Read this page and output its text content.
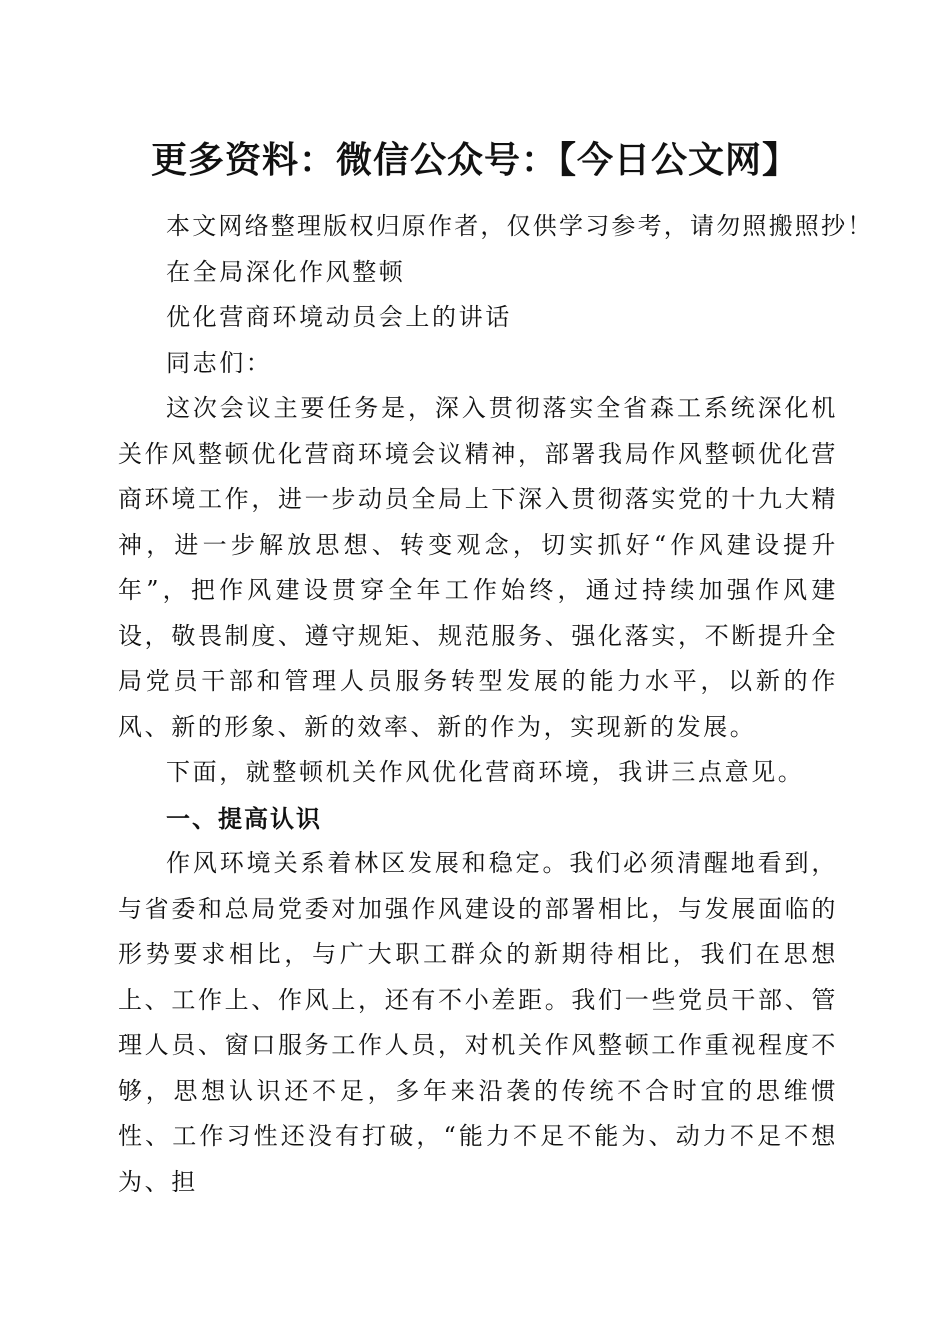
更多资料：微信公众号：【今日公文网】

本文网络整理版权归原作者，仅供学习参考，请勿照搬照抄！

在全局深化作风整顿

优化营商环境动员会上的讲话

同志们：

这次会议主要任务是，深入贯彻落实全省森工系统深化机关作风整顿优化营商环境会议精神，部署我局作风整顿优化营商环境工作，进一步动员全局上下深入贯彻落实党的十九大精神，进一步解放思想、转变观念，切实抓好“作风建设提升年”，把作风建设贯穿全年工作始终，通过持续加强作风建设，敬畏制度、遵守规矩、规范服务、强化落实，不断提升全局党员干部和管理人员服务转型发展的能力水平，以新的作风、新的形象、新的效率、新的作为，实现新的发展。

下面，就整顿机关作风优化营商环境，我讲三点意见。

一、提高认识

作风环境关系着林区发展和稳定。我们必须清醒地看到，与省委和总局党委对加强作风建设的部署相比，与发展面临的形势要求相比，与广大职工群众的新期待相比，我们在思想上、工作上、作风上，还有不小差距。我们一些党员干部、管理人员、窗口服务工作人员，对机关作风整顿工作重视程度不够，思想认识还不足，多年来沿袭的传统不合时宜的思维惯性、工作习性还没有打破，“能力不足不能为、动力不足不想为、担
